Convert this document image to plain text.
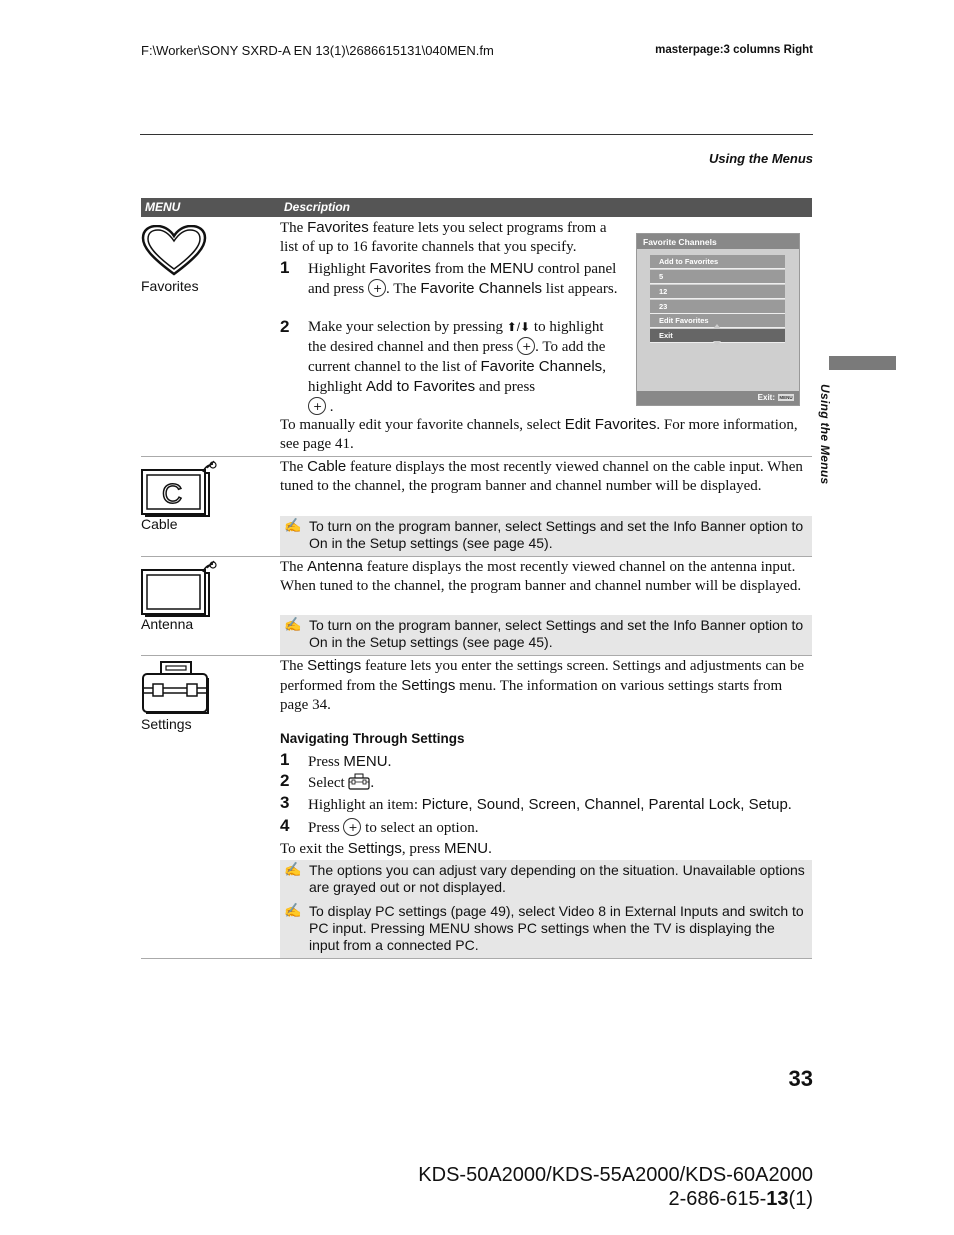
F:\Worker\SONY SXRD-A EN 13(1)\2686615131\040MEN.fm	masterpage:3 columns Right
Using the Menus
Using the Menus
MENU	Description
Favorites
The Favorites feature lets you select programs from a list of up to 16 favorite channels that you specify.
1 Highlight Favorites from the MENU control panel and press +. The Favorite Channels list appears.
2 Make your selection by pressing ⬆/⬇ to highlight the desired channel and then press +. To add the current channel to the list of Favorite Channels, highlight Add to Favorites and press
+ .
To manually edit your favorite channels, select Edit Favorites. For more information, see page 41.
Favorite Channels
Add to Favorites
5
12
23
Edit Favorites
Exit
Exit: MENU
C
Cable
The Cable feature displays the most recently viewed channel on the cable input. When tuned to the channel, the program banner and channel number will be displayed.
✍ To turn on the program banner, select Settings and set the Info Banner option to On in the Setup settings (see page 45).
Antenna
The Antenna feature displays the most recently viewed channel on the antenna input. When tuned to the channel, the program banner and channel number will be displayed.
✍ To turn on the program banner, select Settings and set the Info Banner option to On in the Setup settings (see page 45).
Settings
The Settings feature lets you enter the settings screen. Settings and adjustments can be performed from the Settings menu. The information on various settings starts from page 34.
Navigating Through Settings
1 Press MENU.
2 Select .
3 Highlight an item: Picture, Sound, Screen, Channel, Parental Lock, Setup.
4 Press + to select an option.
To exit the Settings, press MENU.
✍ The options you can adjust vary depending on the situation. Unavailable options are grayed out or not displayed.
✍ To display PC settings (page 49), select Video 8 in External Inputs and switch to PC input. Pressing MENU shows PC settings when the TV is displaying the input from a connected PC.
33
KDS-50A2000/KDS-55A2000/KDS-60A2000
2-686-615-13(1)
